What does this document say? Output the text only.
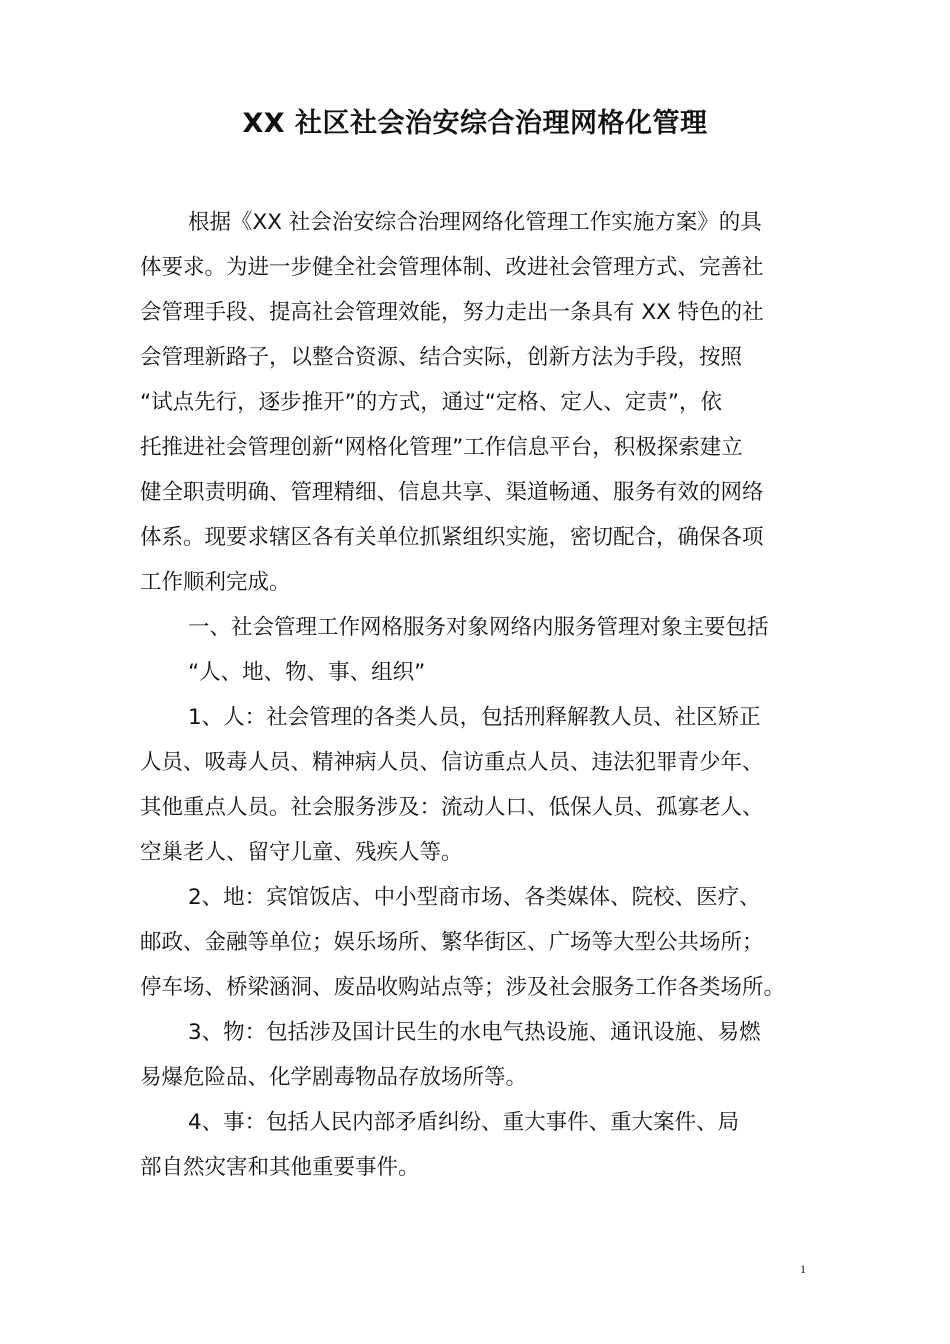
XX 社区社会治安综合治理网格化管理
根据《XX 社会治安综合治理网络化管理工作实施方案》的具
体要求。为进一步健全社会管理体制、改进社会管理方式、完善社
会管理手段、提高社会管理效能，努力走出一条具有 XX 特色的社
会管理新路子，以整合资源、结合实际，创新方法为手段，按照
“试点先行，逐步推开”的方式，通过“定格、定人、定责”，依
托推进社会管理创新“网格化管理”工作信息平台，积极探索建立
健全职责明确、管理精细、信息共享、渠道畅通、服务有效的网络
体系。现要求辖区各有关单位抓紧组织实施，密切配合，确保各项
工作顺利完成。
一、社会管理工作网格服务对象网络内服务管理对象主要包括
“人、地、物、事、组织”
1、人：社会管理的各类人员，包括刑释解教人员、社区矫正
人员、吸毒人员、精神病人员、信访重点人员、违法犯罪青少年、
其他重点人员。社会服务涉及：流动人口、低保人员、孤寡老人、
空巢老人、留守儿童、残疾人等。
2、地：宾馆饭店、中小型商市场、各类媒体、院校、医疗、
邮政、金融等单位；娱乐场所、繁华街区、广场等大型公共场所；
停车场、桥梁涵洞、废品收购站点等；涉及社会服务工作各类场所。
3、物：包括涉及国计民生的水电气热设施、通讯设施、易燃
易爆危险品、化学剧毒物品存放场所等。
4、事：包括人民内部矛盾纠纷、重大事件、重大案件、局
部自然灾害和其他重要事件。
1
